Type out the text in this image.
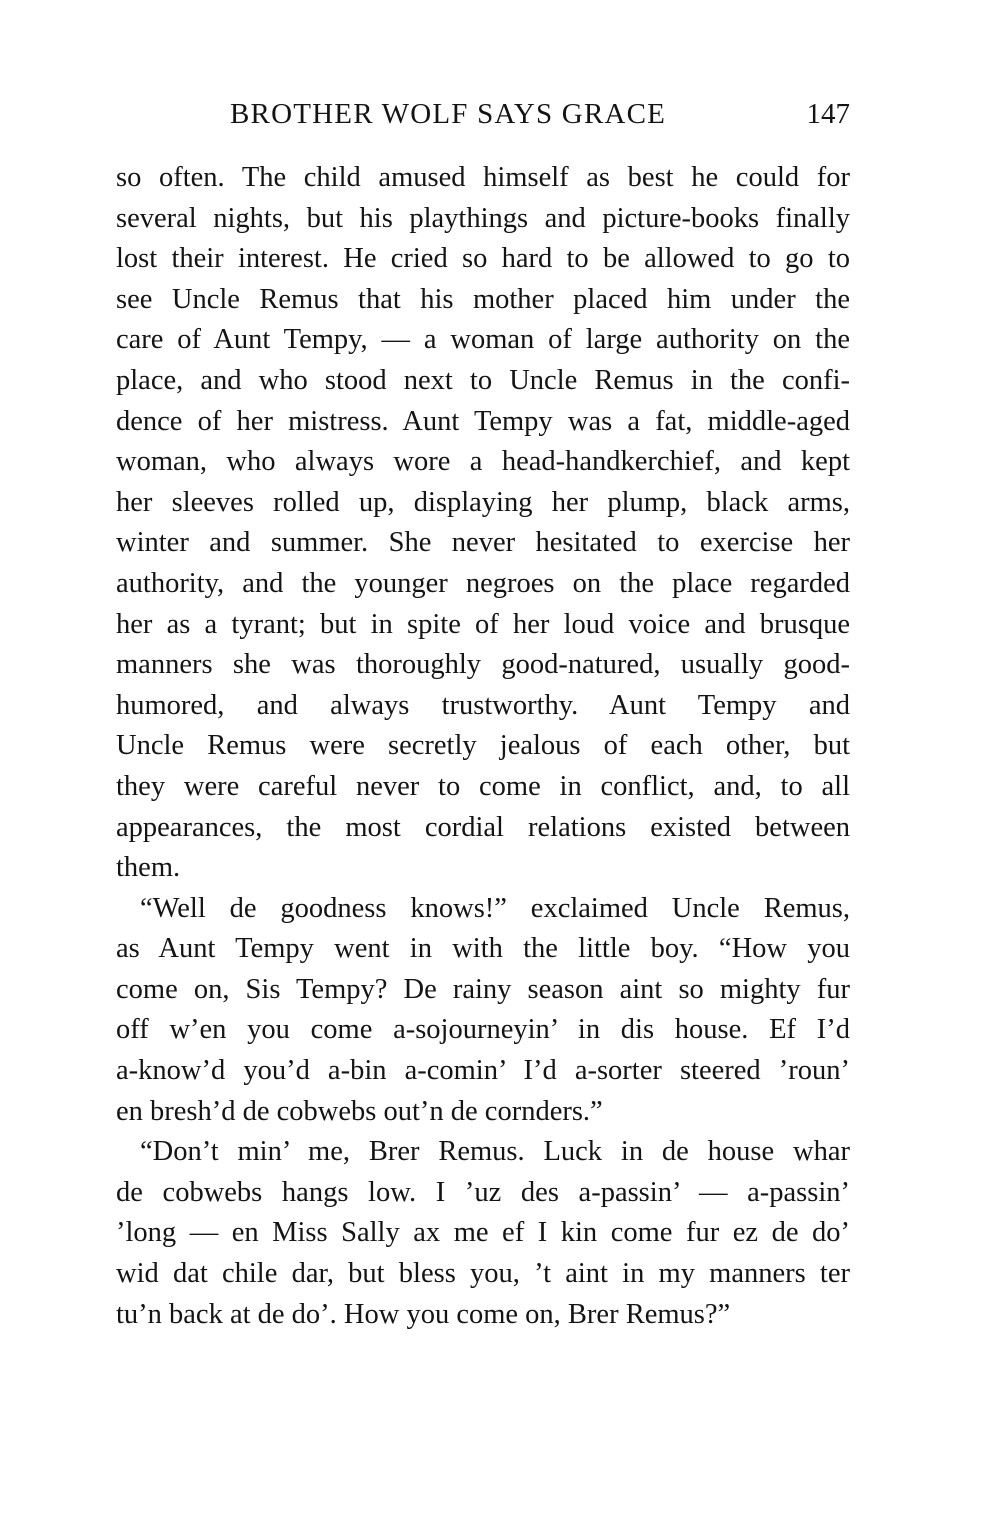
BROTHER WOLF SAYS GRACE	147
so often. The child amused himself as best he could for
several nights, but his playthings and picture-books finally
lost their interest. He cried so hard to be allowed to go to
see Uncle Remus that his mother placed him under the
care of Aunt Tempy, — a woman of large authority on the
place, and who stood next to Uncle Remus in the confi-
dence of her mistress. Aunt Tempy was a fat, middle-aged
woman, who always wore a head-handkerchief, and kept
her sleeves rolled up, displaying her plump, black arms,
winter and summer. She never hesitated to exercise her
authority, and the younger negroes on the place regarded
her as a tyrant; but in spite of her loud voice and brusque
manners she was thoroughly good-natured, usually good-
humored, and always trustworthy. Aunt Tempy and
Uncle Remus were secretly jealous of each other, but
they were careful never to come in conflict, and, to all
appearances, the most cordial relations existed between
them.
“Well de goodness knows!” exclaimed Uncle Remus,
as Aunt Tempy went in with the little boy. “How you
come on, Sis Tempy? De rainy season aint so mighty fur
off w’en you come a-sojourneyin’ in dis house. Ef I’d
a-know’d you’d a-bin a-comin’ I’d a-sorter steered ’roun’
en bresh’d de cobwebs out’n de cornders.”
“Don’t min’ me, Brer Remus. Luck in de house whar
de cobwebs hangs low. I ’uz des a-passin’ — a-passin’
’long — en Miss Sally ax me ef I kin come fur ez de do’
wid dat chile dar, but bless you, ’t aint in my manners ter
tu’n back at de do’. How you come on, Brer Remus?”
